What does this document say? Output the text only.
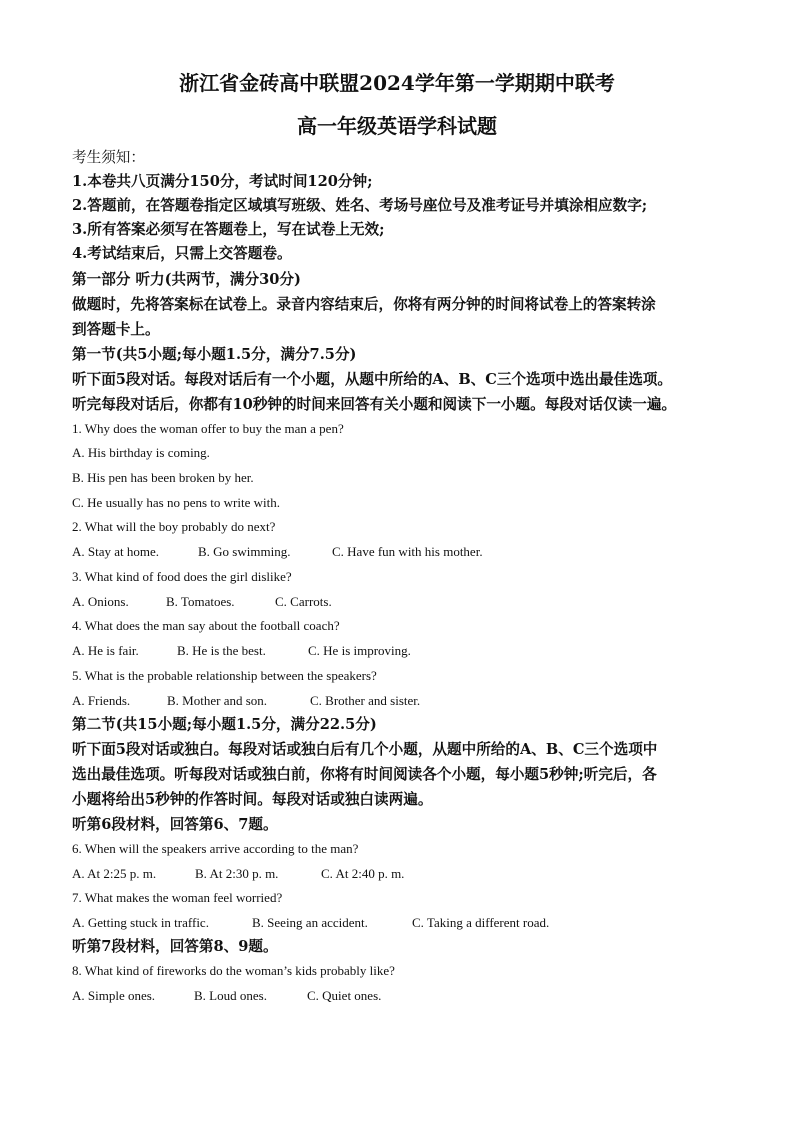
浙江省金砖高中联盟2024学年第一学期期中联考
高一年级英语学科试题
考生须知：
1.本卷共八页满分150分，考试时间120分钟;
2.答题前，在答题卷指定区域填写班级、姓名、考场号座位号及准考证号并填涂相应数字;
3.所有答案必须写在答题卷上，写在试卷上无效;
4.考试结束后，只需上交答题卷。
第一部分 听力(共两节，满分30分)
做题时，先将答案标在试卷上。录音内容结束后，你将有两分钟的时间将试卷上的答案转涂
到答题卡上。
第一节(共5小题;每小题1.5分，满分7.5分)
听下面5段对话。每段对话后有一个小题，从题中所给的A、B、C三个选项中选出最佳选项。
听完每段对话后，你都有10秒钟的时间来回答有关小题和阅读下一小题。每段对话仅读一遍。
1. Why does the woman offer to buy the man a pen?
A. His birthday is coming.
B. His pen has been broken by her.
C. He usually has no pens to write with.
2. What will the boy probably do next?
A. Stay at home.	B. Go swimming.	C. Have fun with his mother.
3. What kind of food does the girl dislike?
A. Onions.	B. Tomatoes.	C. Carrots.
4. What does the man say about the football coach?
A. He is fair.	B. He is the best.	C. He is improving.
5. What is the probable relationship between the speakers?
A. Friends.	B. Mother and son.	C. Brother and sister.
第二节(共15小题;每小题1.5分，满分22.5分)
听下面5段对话或独白。每段对话或独白后有几个小题，从题中所给的A、B、C三个选项中
选出最佳选项。听每段对话或独白前，你将有时间阅读各个小题，每小题5秒钟;听完后，各
小题将给出5秒钟的作答时间。每段对话或独白读两遍。
听第6段材料，回答第6、7题。
6. When will the speakers arrive according to the man?
A. At 2:25 p. m.	B. At 2:30 p. m.	C. At 2:40 p. m.
7. What makes the woman feel worried?
A. Getting stuck in traffic.	B. Seeing an accident.	C. Taking a different road.
听第7段材料，回答第8、9题。
8. What kind of fireworks do the woman’s kids probably like?
A. Simple ones.	B. Loud ones.	C. Quiet ones.
